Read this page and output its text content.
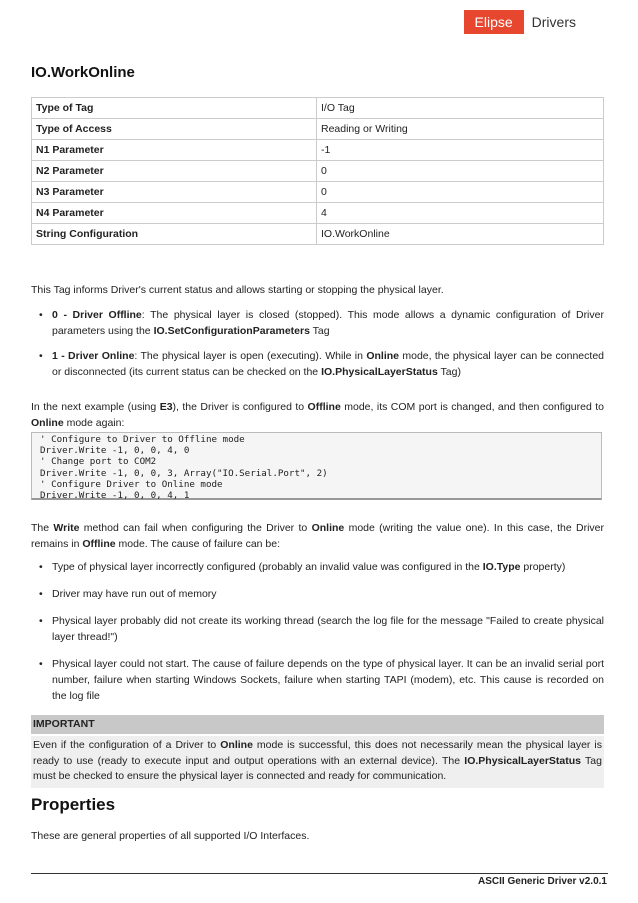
Elipse	Drivers
IO.WorkOnline
Type of Tag	I/O Tag
Type of Access	Reading or Writing
N1 Parameter	-1
N2 Parameter	0
N3 Parameter	0
N4 Parameter	4
String Configuration	IO.WorkOnline

This Tag informs Driver's current status and allows starting or stopping the physical layer.

• 0 - Driver Offline: The physical layer is closed (stopped). This mode allows a dynamic configuration of Driver parameters using the IO.SetConfigurationParameters Tag
• 1 - Driver Online: The physical layer is open (executing). While in Online mode, the physical layer can be connected or disconnected (its current status can be checked on the IO.PhysicalLayerStatus Tag)

In the next example (using E3), the Driver is configured to Offline mode, its COM port is changed, and then configured to Online mode again:

' Configure to Driver to Offline mode
Driver.Write -1, 0, 0, 4, 0
' Change port to COM2
Driver.Write -1, 0, 0, 3, Array("IO.Serial.Port", 2)
' Configure Driver to Online mode
Driver.Write -1, 0, 0, 4, 1

The Write method can fail when configuring the Driver to Online mode (writing the value one). In this case, the Driver remains in Offline mode. The cause of failure can be:

• Type of physical layer incorrectly configured (probably an invalid value was configured in the IO.Type property)
• Driver may have run out of memory
• Physical layer probably did not create its working thread (search the log file for the message "Failed to create physical layer thread!")
• Physical layer could not start. The cause of failure depends on the type of physical layer. It can be an invalid serial port number, failure when starting Windows Sockets, failure when starting TAPI (modem), etc. This cause is recorded on the log file
IMPORTANT
Even if the configuration of a Driver to Online mode is successful, this does not necessarily mean the physical layer is ready to use (ready to execute input and output operations with an external device). The IO.PhysicalLayerStatus Tag must be checked to ensure the physical layer is connected and ready for communication.
Properties

These are general properties of all supported I/O Interfaces.

ASCII Generic Driver v2.0.1
